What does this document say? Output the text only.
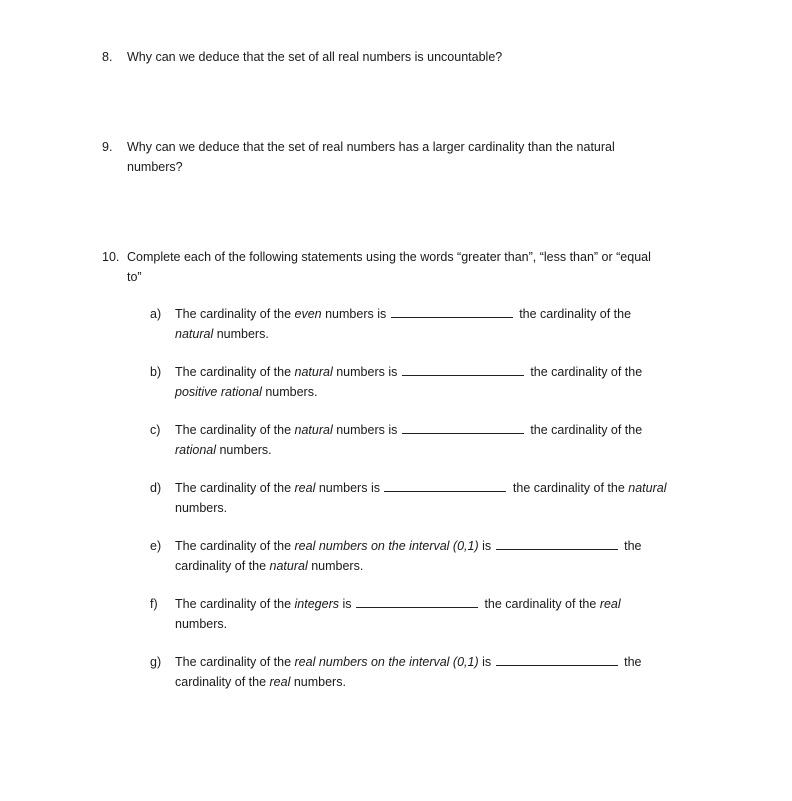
8. Why can we deduce that the set of all real numbers is uncountable?
9. Why can we deduce that the set of real numbers has a larger cardinality than the natural
numbers?
10. Complete each of the following statements using the words “greater than”, “less than” or “equal
to”
a) The cardinality of the even numbers is	the cardinality of the
natural numbers.
b) The cardinality of the natural numbers is	the cardinality of the
positive rational numbers.
c) The cardinality of the natural numbers is	the cardinality of the
rational numbers.
d) The cardinality of the real numbers is	the cardinality of the natural
numbers.
e) The cardinality of the real numbers on the interval (0,1) is	the
cardinality of the natural numbers.
f) The cardinality of the integers is	the cardinality of the real
numbers.
g) The cardinality of the real numbers on the interval (0,1) is	the
cardinality of the real numbers.
